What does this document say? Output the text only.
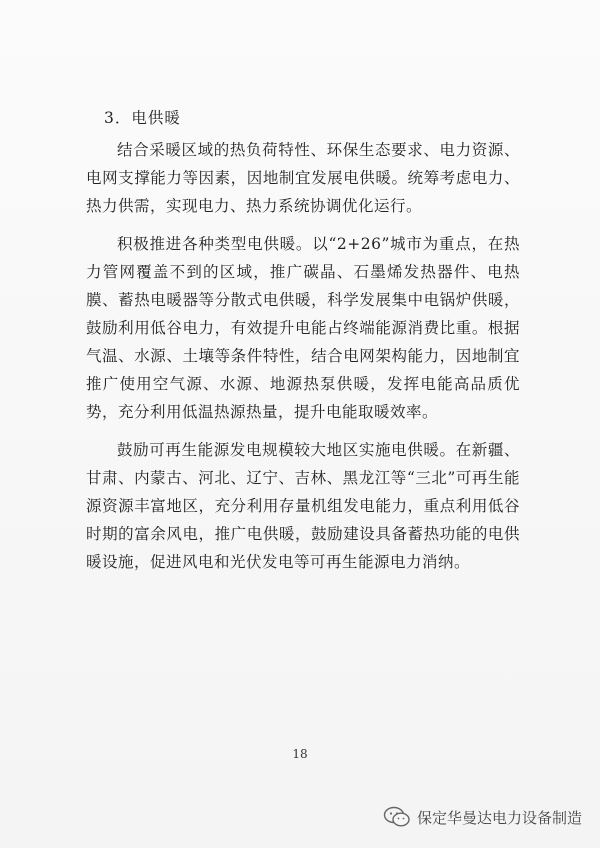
3．电供暖

结合采暖区域的热负荷特性、环保生态要求、电力资源、电网支撑能力等因素，因地制宜发展电供暖。统筹考虑电力、热力供需，实现电力、热力系统协调优化运行。

积极推进各种类型电供暖。以“2+26”城市为重点，在热力管网覆盖不到的区域，推广碳晶、石墨烯发热器件、电热膜、蓄热电暖器等分散式电供暖，科学发展集中电锅炉供暖，鼓励利用低谷电力，有效提升电能占终端能源消费比重。根据气温、水源、土壤等条件特性，结合电网架构能力，因地制宜推广使用空气源、水源、地源热泵供暖，发挥电能高品质优势，充分利用低温热源热量，提升电能取暖效率。

鼓励可再生能源发电规模较大地区实施电供暖。在新疆、甘肃、内蒙古、河北、辽宁、吉林、黑龙江等“三北”可再生能源资源丰富地区，充分利用存量机组发电能力，重点利用低谷时期的富余风电，推广电供暖，鼓励建设具备蓄热功能的电供暖设施，促进风电和光伏发电等可再生能源电力消纳。

18
保定华曼达电力设备制造
